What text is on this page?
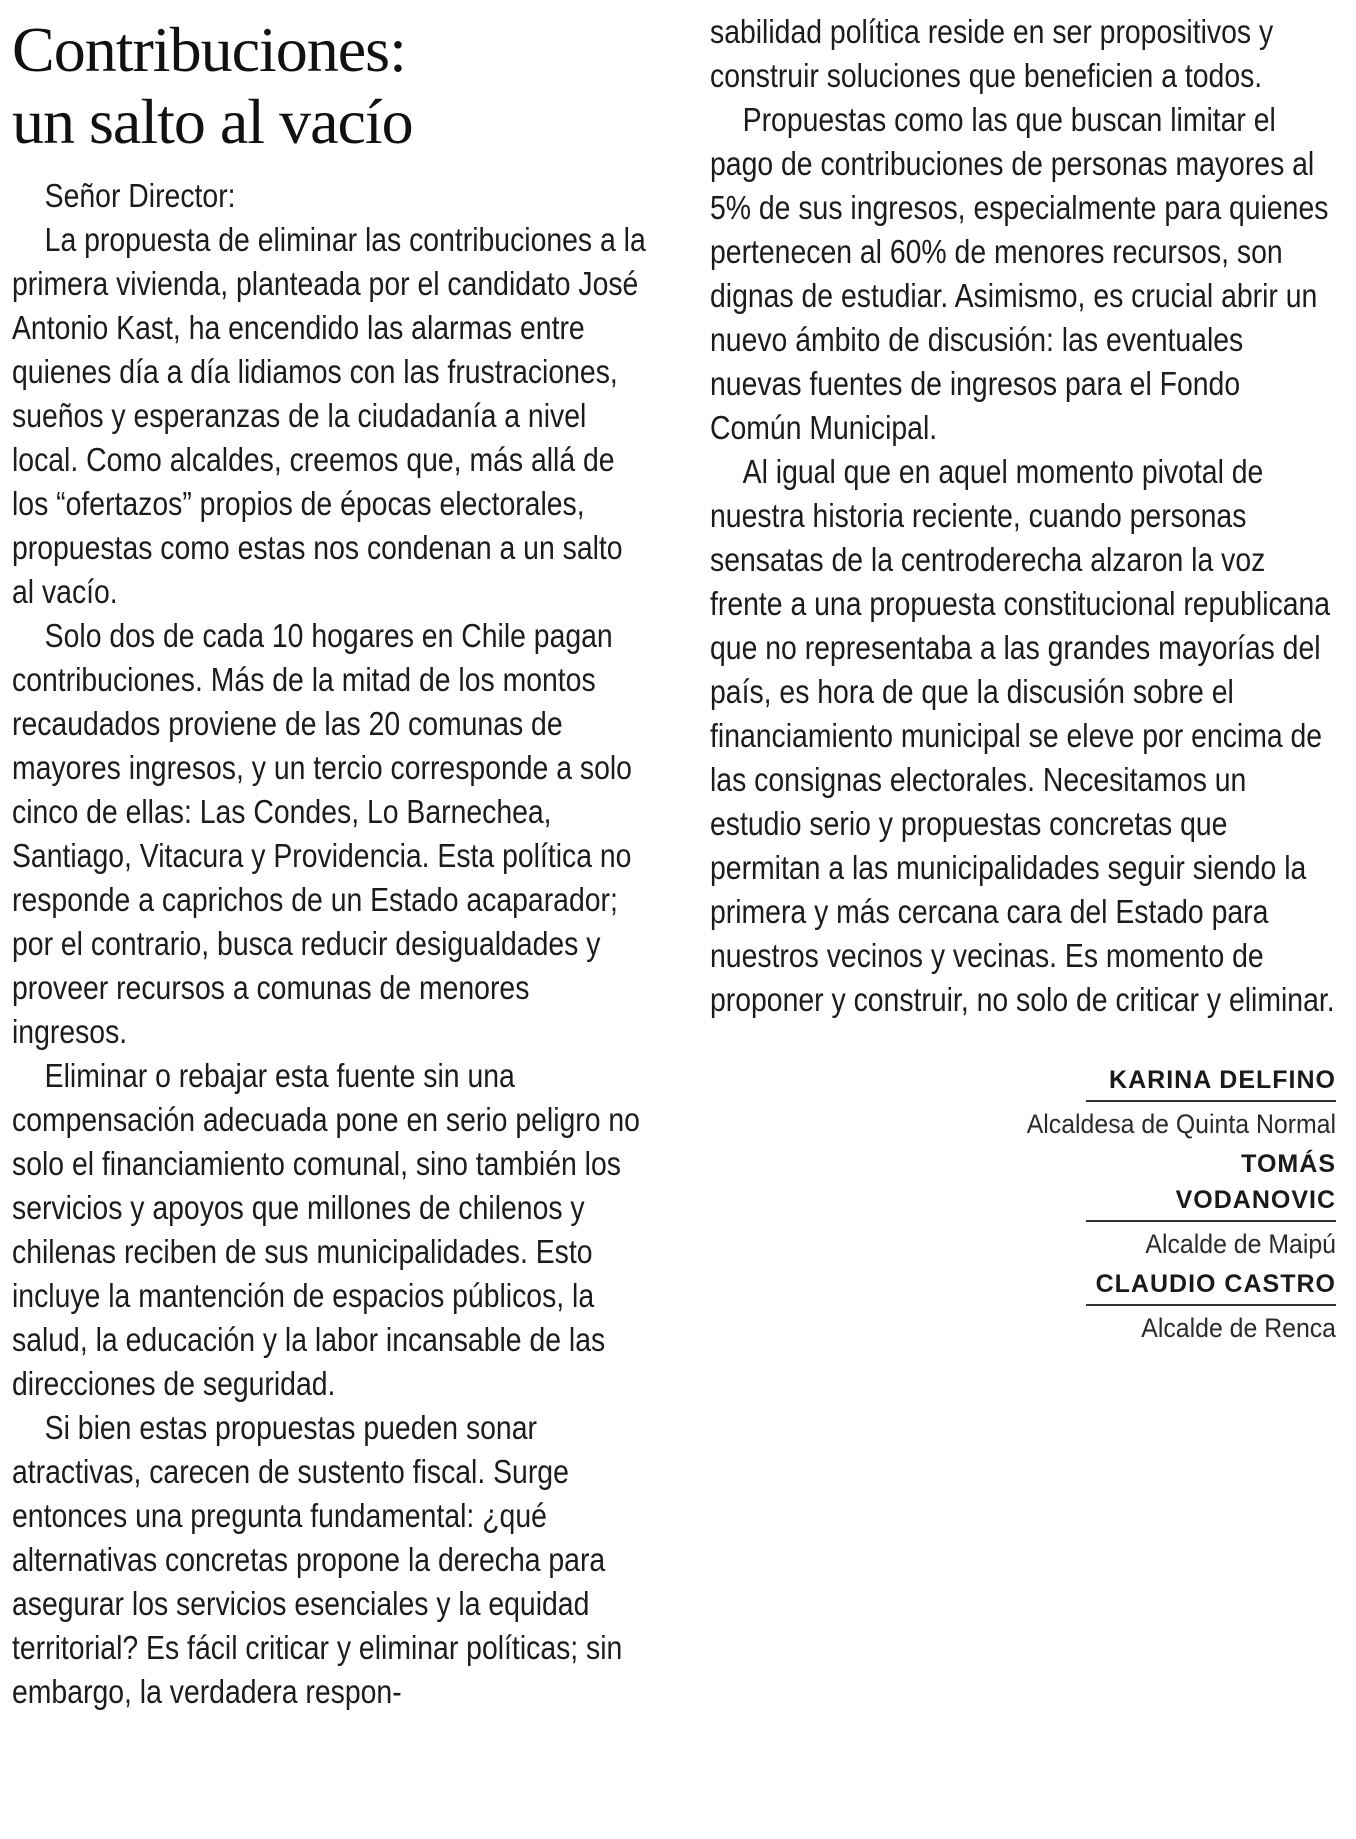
Contribuciones:
un salto al vacío

Señor Director:

La propuesta de eliminar las contribuciones a la primera vivienda, planteada por el candidato José Antonio Kast, ha encendido las alarmas entre quienes día a día lidiamos con las frustraciones, sueños y esperanzas de la ciudadanía a nivel local. Como alcaldes, creemos que, más allá de los “ofertazos” propios de épocas electorales, propuestas como estas nos condenan a un salto al vacío.

Solo dos de cada 10 hogares en Chile pagan contribuciones. Más de la mitad de los montos recaudados proviene de las 20 comunas de mayores ingresos, y un tercio corresponde a solo cinco de ellas: Las Condes, Lo Barnechea, Santiago, Vitacura y Providencia. Esta política no responde a caprichos de un Estado acaparador; por el contrario, busca reducir desigualdades y proveer recursos a comunas de menores ingresos.

Eliminar o rebajar esta fuente sin una compensación adecuada pone en serio peligro no solo el financiamiento comunal, sino también los servicios y apoyos que millones de chilenos y chilenas reciben de sus municipalidades. Esto incluye la mantención de espacios públicos, la salud, la educación y la labor incansable de las direcciones de seguridad.

Si bien estas propuestas pueden sonar atractivas, carecen de sustento fiscal. Surge entonces una pregunta fundamental: ¿qué alternativas concretas propone la derecha para asegurar los servicios esenciales y la equidad territorial? Es fácil criticar y eliminar políticas; sin embargo, la verdadera respon-

sabilidad política reside en ser propositivos y construir soluciones que beneficien a todos.

Propuestas como las que buscan limitar el pago de contribuciones de personas mayores al 5% de sus ingresos, especialmente para quienes pertenecen al 60% de menores recursos, son dignas de estudiar. Asimismo, es crucial abrir un nuevo ámbito de discusión: las eventuales nuevas fuentes de ingresos para el Fondo Común Municipal.

Al igual que en aquel momento pivotal de nuestra historia reciente, cuando personas sensatas de la centroderecha alzaron la voz frente a una propuesta constitucional republicana que no representaba a las grandes mayorías del país, es hora de que la discusión sobre el financiamiento municipal se eleve por encima de las consignas electorales. Necesitamos un estudio serio y propuestas concretas que permitan a las municipalidades seguir siendo la primera y más cercana cara del Estado para nuestros vecinos y vecinas. Es momento de proponer y construir, no solo de criticar y eliminar.

KARINA DELFINO
Alcaldesa de Quinta Normal
TOMÁS VODANOVIC
Alcalde de Maipú
CLAUDIO CASTRO
Alcalde de Renca
